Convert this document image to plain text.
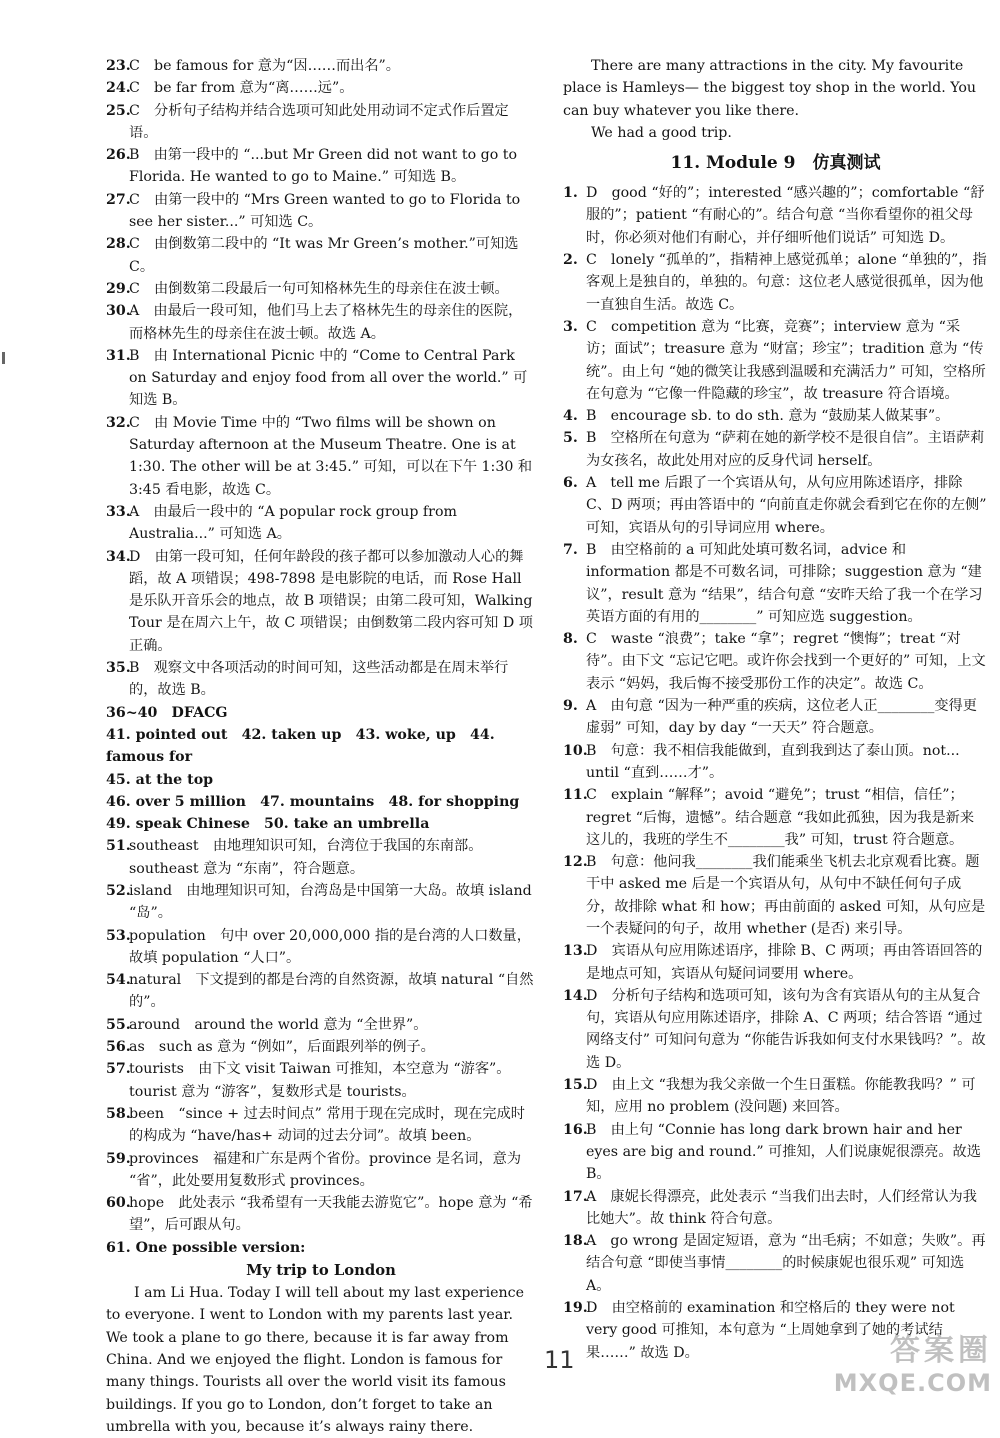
23.
C　be famous for 意为“因……而出名”。

24.
C　be far from 意为“离……远”。

25.
C　分析句子结构并结合选项可知此处用动词不定式作后置定语。

26.
B　由第一段中的 “...but Mr Green did not want to go to Florida. He wanted to go to Maine.” 可知选 B。

27.
C　由第一段中的 “Mrs Green wanted to go to Florida to see her sister...” 可知选 C。

28.
C　由倒数第二段中的 “It was Mr Green’s mother.”可知选 C。

29.
C　由倒数第二段最后一句可知格林先生的母亲住在波士顿。

30.
A　由最后一段可知，他们马上去了格林先生的母亲住的医院，而格林先生的母亲住在波士顿。故选 A。

31.
B　由 International Picnic 中的 “Come to Central Park on Saturday and enjoy food from all over the world.” 可知选 B。

32.
C　由 Movie Time 中的 “Two films will be shown on Saturday afternoon at the Museum Theatre. One is at 1:30. The other will be at 3:45.” 可知，可以在下午 1:30 和 3:45 看电影，故选 C。

33.
A　由最后一段中的 “A popular rock group from Australia...” 可知选 A。

34.
D　由第一段可知，任何年龄段的孩子都可以参加激动人心的舞蹈，故 A 项错误；498-7898 是电影院的电话，而 Rose Hall 是乐队开音乐会的地点，故 B 项错误；由第二段可知，Walking Tour 是在周六上午，故 C 项错误；由倒数第二段内容可知 D 项正确。

35.
B　观察文中各项活动的时间可知，这些活动都是在周末举行的，故选 B。

36~40　DFACG

41. pointed out　42. taken up　43. woke, up　44. famous for

45. at the top

46. over 5 million　47. mountains　48. for shopping

49. speak Chinese　50. take an umbrella

51.
southeast　由地理知识可知，台湾位于我国的东南部。southeast 意为 “东南”，符合题意。

52.
island　由地理知识可知，台湾岛是中国第一大岛。故填 island “岛”。

53.
population　句中 over 20,000,000 指的是台湾的人口数量，故填 population “人口”。

54.
natural　下文提到的都是台湾的自然资源，故填 natural “自然的”。

55.
around　around the world 意为 “全世界”。

56.
as　such as 意为 “例如”，后面跟列举的例子。

57.
tourists　由下文 visit Taiwan 可推知，本空意为 “游客”。tourist 意为 “游客”，复数形式是 tourists。

58.
been　“since + 过去时间点” 常用于现在完成时，现在完成时的构成为 “have/has+ 动词的过去分词”。故填 been。

59.
provinces　福建和广东是两个省份。province 是名词，意为 “省”，此处要用复数形式 provinces。

60.
hope　此处表示 “我希望有一天我能去游览它”。hope 意为 “希望”，后可跟从句。

61. One possible version:

My trip to London

I am Li Hua. Today I will tell about my last experience to everyone. I went to London with my parents last year. We took a plane to go there, because it is far away from China. And we enjoyed the flight. London is famous for many things. Tourists all over the world visit its famous buildings. If you go to London, don’t forget to take an umbrella with you, because it’s always rainy there.

There are many attractions in the city. My favourite place is Hamleys— the biggest toy shop in the world. You can buy whatever you like there.

We had a good trip.

11. Module 9　仿真测试

1. D　good “好的”；interested “感兴趣的”；comfortable “舒服的”；patient “有耐心的”。结合句意 “当你看望你的祖父母时，你必须对他们有耐心，并仔细听他们说话” 可知选 D。

2. C　lonely “孤单的”，指精神上感觉孤单；alone “单独的”，指客观上是独自的，单独的。句意：这位老人感觉很孤单，因为他一直独自生活。故选 C。

3. C　competition 意为 “比赛，竞赛”；interview 意为 “采访；面试”；treasure 意为 “财富；珍宝”；tradition 意为 “传统”。由上句 “她的微笑让我感到温暖和充满活力” 可知，空格所在句意为 “它像一件隐藏的珍宝”，故 treasure 符合语境。

4. B　encourage sb. to do sth. 意为 “鼓励某人做某事”。

5. B　空格所在句意为 “萨莉在她的新学校不是很自信”。主语萨莉为女孩名，故此处用对应的反身代词 herself。

6. A　tell me 后跟了一个宾语从句，从句应用陈述语序，排除 C、D 两项；再由答语中的 “向前直走你就会看到它在你的左侧” 可知，宾语从句的引导词应用 where。

7. B　由空格前的 a 可知此处填可数名词，advice 和 information 都是不可数名词，可排除；suggestion 意为 “建议”，result 意为 “结果”，结合句意 “安昨天给了我一个在学习英语方面的有用的________” 可知应选 suggestion。

8. C　waste “浪费”；take “拿”；regret “懊悔”；treat “对待”。由下文 “忘记它吧。或许你会找到一个更好的” 可知，上文表示 “妈妈，我后悔不接受那份工作的决定”。故选 C。

9. A　由句意 “因为一种严重的疾病，这位老人正________变得更虚弱” 可知，day by day “一天天” 符合题意。

10.
B　句意：我不相信我能做到，直到我到达了泰山顶。not... until “直到……才”。

11.
C　explain “解释”；avoid “避免”；trust “相信，信任”；regret “后悔，遗憾”。结合题意 “我如此孤独，因为我是新来这儿的，我班的学生不________我” 可知，trust 符合题意。

12.
B　句意：他问我________我们能乘坐飞机去北京观看比赛。题干中 asked me 后是一个宾语从句，从句中不缺任何句子成分，故排除 what 和 how；再由前面的 asked 可知，从句应是一个表疑问的句子，故用 whether (是否) 来引导。

13.
D　宾语从句应用陈述语序，排除 B、C 两项；再由答语回答的是地点可知，宾语从句疑问词要用 where。

14.
D　分析句子结构和选项可知，该句为含有宾语从句的主从复合句，宾语从句应用陈述语序，排除 A、C 两项；结合答语 “通过网络支付” 可知问句意为 “你能告诉我如何支付水果钱吗？”。故选 D。

15.
D　由上文 “我想为我父亲做一个生日蛋糕。你能教我吗？” 可知，应用 no problem (没问题) 来回答。

16.
B　由上句 “Connie has long dark brown hair and her eyes are big and round.” 可推知，人们说康妮很漂亮。故选 B。

17.
A　康妮长得漂亮，此处表示 “当我们出去时，人们经常认为我比她大”。故 think 符合句意。

18.
A　go wrong 是固定短语，意为 “出毛病；不如意；失败”。再结合句意 “即使当事情________的时候康妮也很乐观” 可知选 A。

19.
D　由空格前的 examination 和空格后的 they were not very good 可推知，本句意为 “上周她拿到了她的考试结果……” 故选 D。

11	答案圈
MXQE.COM
